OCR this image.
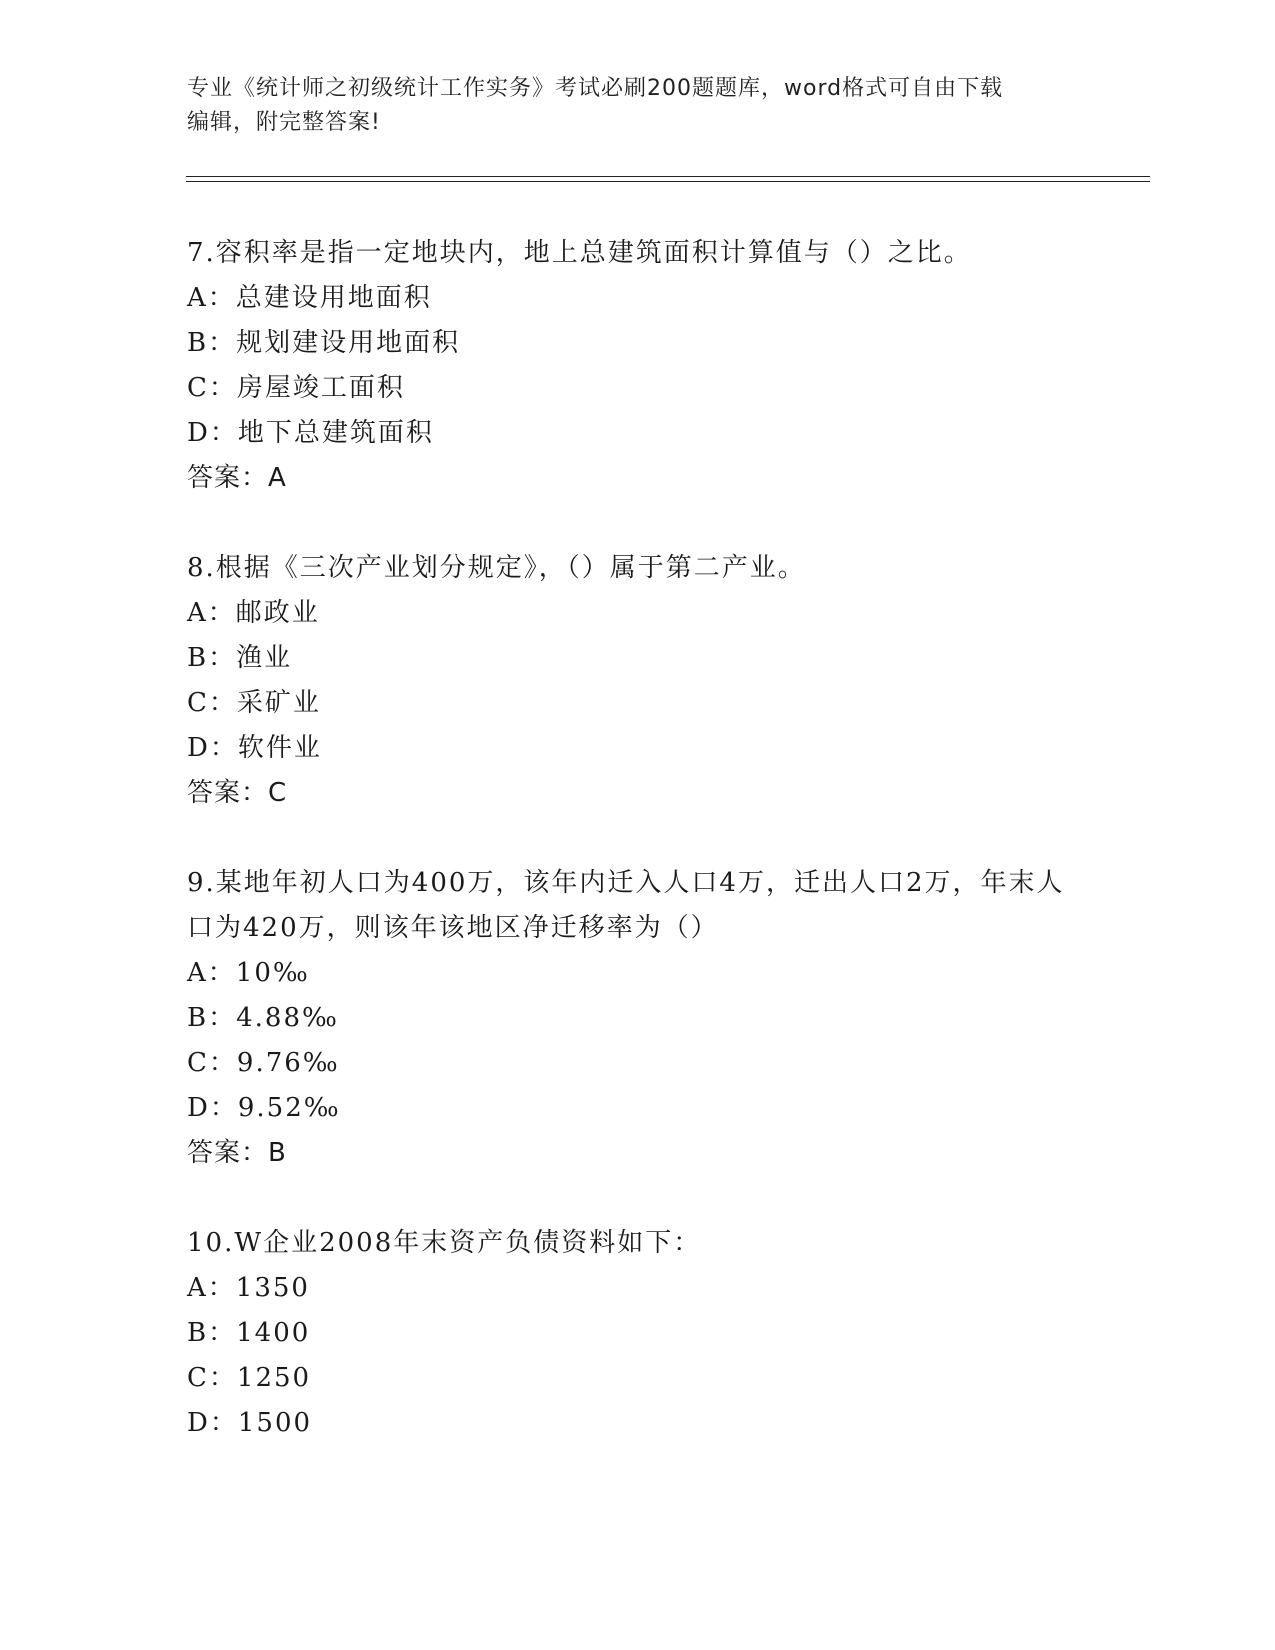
专业《统计师之初级统计工作实务》考试必刷200题题库，word格式可自由下载
编辑，附完整答案!
7.容积率是指一定地块内，地上总建筑面积计算值与（）之比。
A：总建设用地面积
B：规划建设用地面积
C：房屋竣工面积
D：地下总建筑面积
答案：A
8.根据《三次产业划分规定》，（）属于第二产业。
A：邮政业
B：渔业
C：采矿业
D：软件业
答案：C
9.某地年初人口为400万，该年内迁入人口4万，迁出人口2万，年末人口为420万，则该年该地区净迁移率为（）
A：10‰
B：4.88‰
C：9.76‰
D：9.52‰
答案：B
10.W企业2008年末资产负债资料如下：
A：1350
B：1400
C：1250
D：1500
